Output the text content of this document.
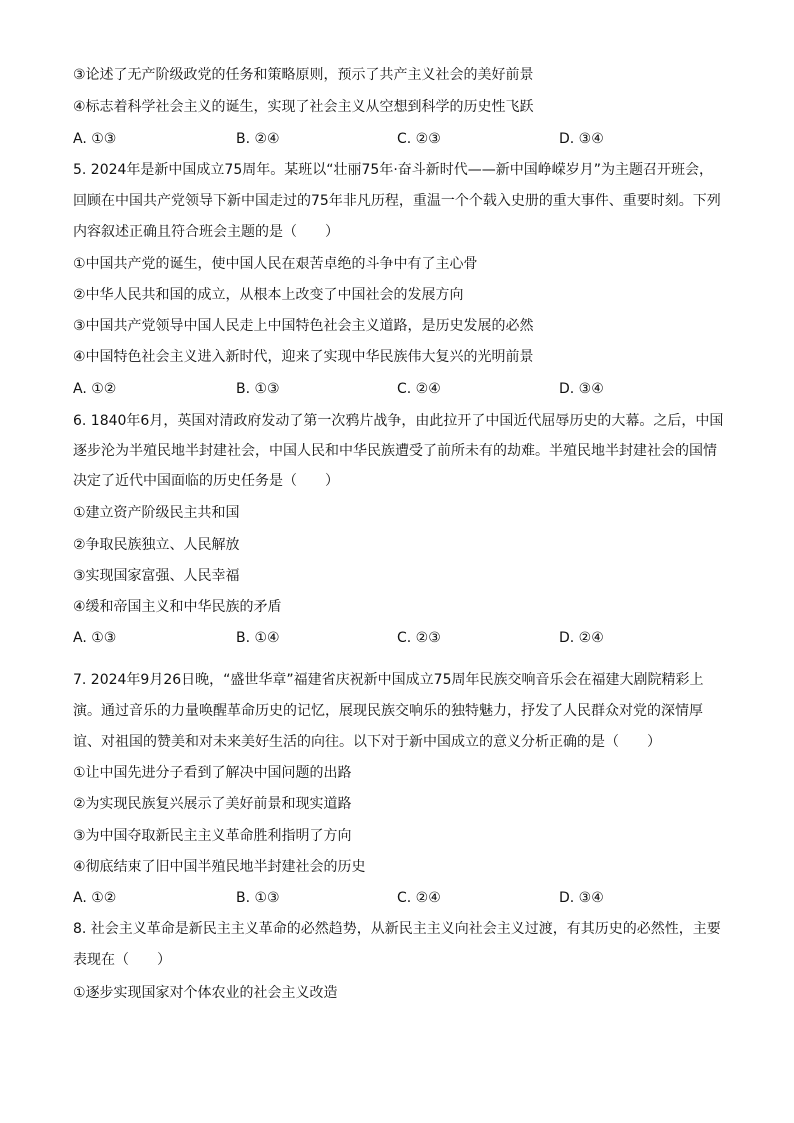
③论述了无产阶级政党的任务和策略原则，预示了共产主义社会的美好前景
④标志着科学社会主义的诞生，实现了社会主义从空想到科学的历史性飞跃
A. ①③	B. ②④	C. ②③	D. ③④
5. 2024年是新中国成立75周年。某班以“壮丽75年·奋斗新时代——新中国峥嵘岁月”为主题召开班会，
回顾在中国共产党领导下新中国走过的75年非凡历程，重温一个个载入史册的重大事件、重要时刻。下列
内容叙述正确且符合班会主题的是（　　）
①中国共产党的诞生，使中国人民在艰苦卓绝的斗争中有了主心骨
②中华人民共和国的成立，从根本上改变了中国社会的发展方向
③中国共产党领导中国人民走上中国特色社会主义道路，是历史发展的必然
④中国特色社会主义进入新时代，迎来了实现中华民族伟大复兴的光明前景
A. ①②	B. ①③	C. ②④	D. ③④
6. 1840年6月，英国对清政府发动了第一次鸦片战争，由此拉开了中国近代屈辱历史的大幕。之后，中国
逐步沦为半殖民地半封建社会，中国人民和中华民族遭受了前所未有的劫难。半殖民地半封建社会的国情
决定了近代中国面临的历史任务是（　　）
①建立资产阶级民主共和国
②争取民族独立、人民解放
③实现国家富强、人民幸福
④缓和帝国主义和中华民族的矛盾
A. ①③	B. ①④	C. ②③	D. ②④
7. 2024年9月26日晚，“盛世华章”福建省庆祝新中国成立75周年民族交响音乐会在福建大剧院精彩上
演。通过音乐的力量唤醒革命历史的记忆，展现民族交响乐的独特魅力，抒发了人民群众对党的深情厚
谊、对祖国的赞美和对未来美好生活的向往。以下对于新中国成立的意义分析正确的是（　　）
①让中国先进分子看到了解决中国问题的出路
②为实现民族复兴展示了美好前景和现实道路
③为中国夺取新民主主义革命胜利指明了方向
④彻底结束了旧中国半殖民地半封建社会的历史
A. ①②	B. ①③	C. ②④	D. ③④
8. 社会主义革命是新民主主义革命的必然趋势，从新民主主义向社会主义过渡，有其历史的必然性，主要
表现在（　　）
①逐步实现国家对个体农业的社会主义改造
